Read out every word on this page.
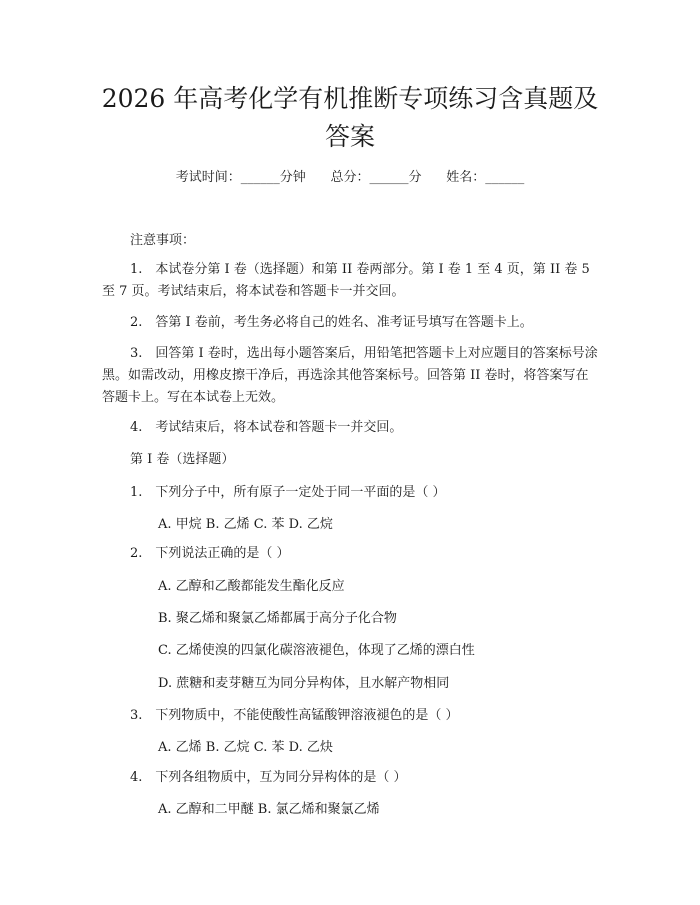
2026 年高考化学有机推断专项练习含真题及
答案
考试时间：______分钟      总分：______分      姓名：______

注意事项：

1.　本试卷分第 I 卷（选择题）和第 II 卷两部分。第 I 卷 1 至 4 页，第 II 卷 5 至 7 页。考试结束后，将本试卷和答题卡一并交回。

2.　答第 I 卷前，考生务必将自己的姓名、准考证号填写在答题卡上。

3.　回答第 I 卷时，选出每小题答案后，用铅笔把答题卡上对应题目的答案标号涂黑。如需改动，用橡皮擦干净后，再选涂其他答案标号。回答第 II 卷时，将答案写在答题卡上。写在本试卷上无效。

4.　考试结束后，将本试卷和答题卡一并交回。

第 I 卷（选择题）

1.　下列分子中，所有原子一定处于同一平面的是（ ）

A. 甲烷 B. 乙烯 C. 苯 D. 乙烷

2.　下列说法正确的是（ ）

A. 乙醇和乙酸都能发生酯化反应

B. 聚乙烯和聚氯乙烯都属于高分子化合物

C. 乙烯使溴的四氯化碳溶液褪色，体现了乙烯的漂白性

D. 蔗糖和麦芽糖互为同分异构体，且水解产物相同

3.　下列物质中，不能使酸性高锰酸钾溶液褪色的是（ ）

A. 乙烯 B. 乙烷 C. 苯 D. 乙炔

4.　下列各组物质中，互为同分异构体的是（ ）

A. 乙醇和二甲醚 B. 氯乙烯和聚氯乙烯
